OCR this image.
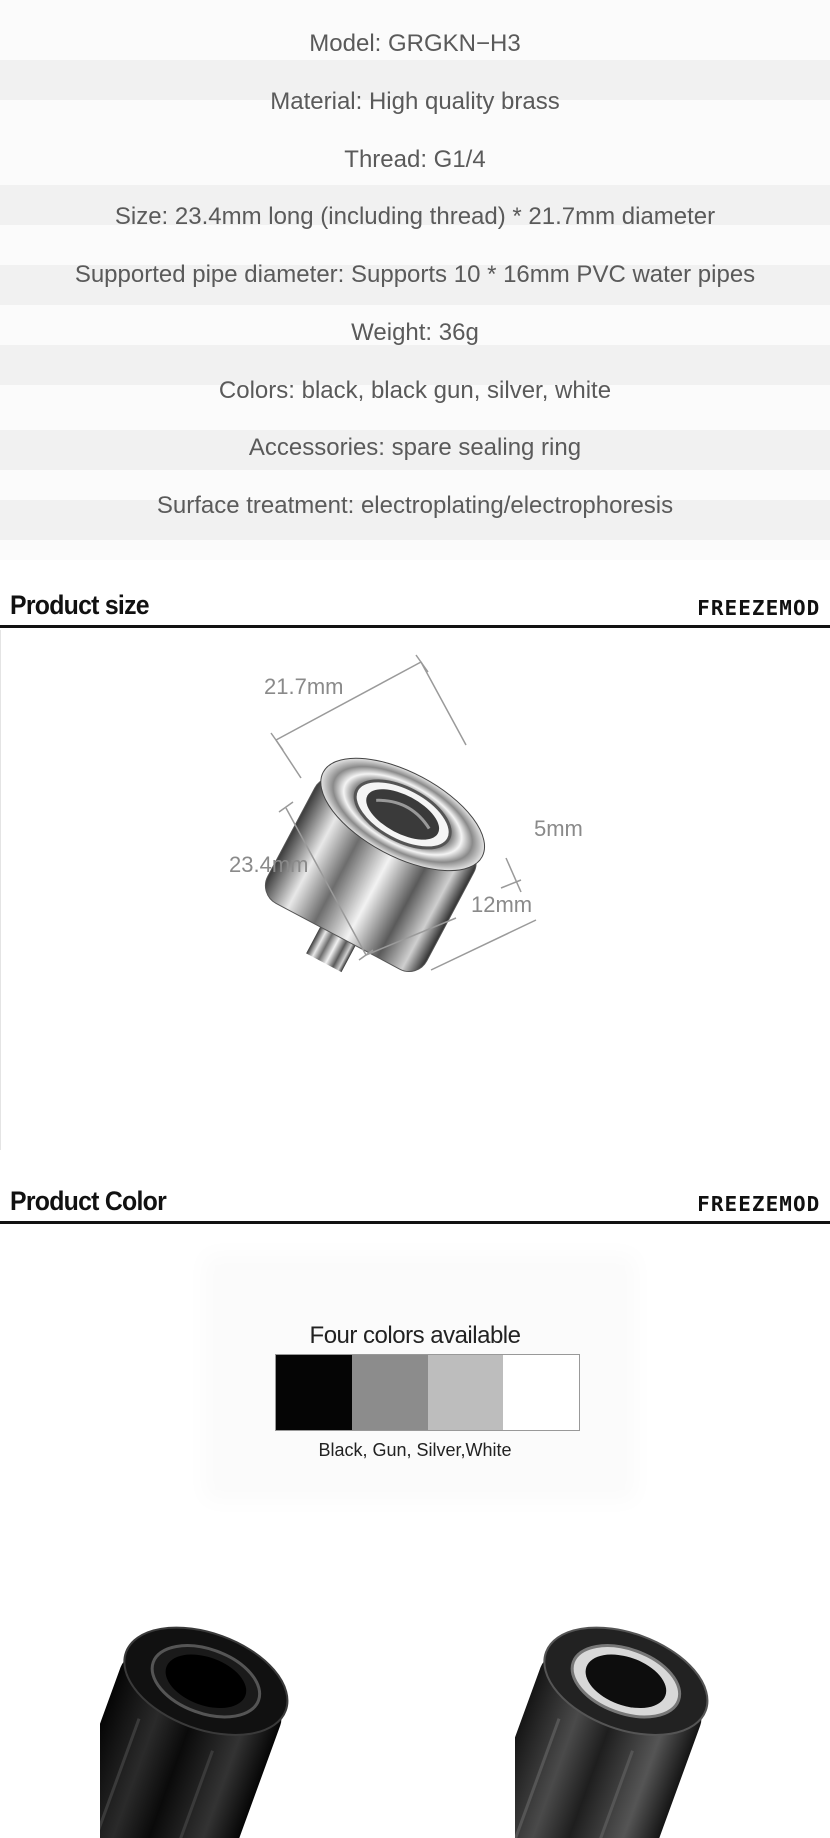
Model: GRGKN−H3
Material: High quality brass
Thread: G1/4
Size: 23.4mm long (including thread) * 21.7mm diameter
Supported pipe diameter: Supports 10 * 16mm PVC water pipes
Weight: 36g
Colors: black, black gun, silver, white
Accessories: spare sealing ring
Surface treatment: electroplating/electrophoresis
Product size	FREEZEMOD
21.7mm
23.4mm
5mm
12mm
Product Color	FREEZEMOD
Four colors available
Black, Gun, Silver,White
